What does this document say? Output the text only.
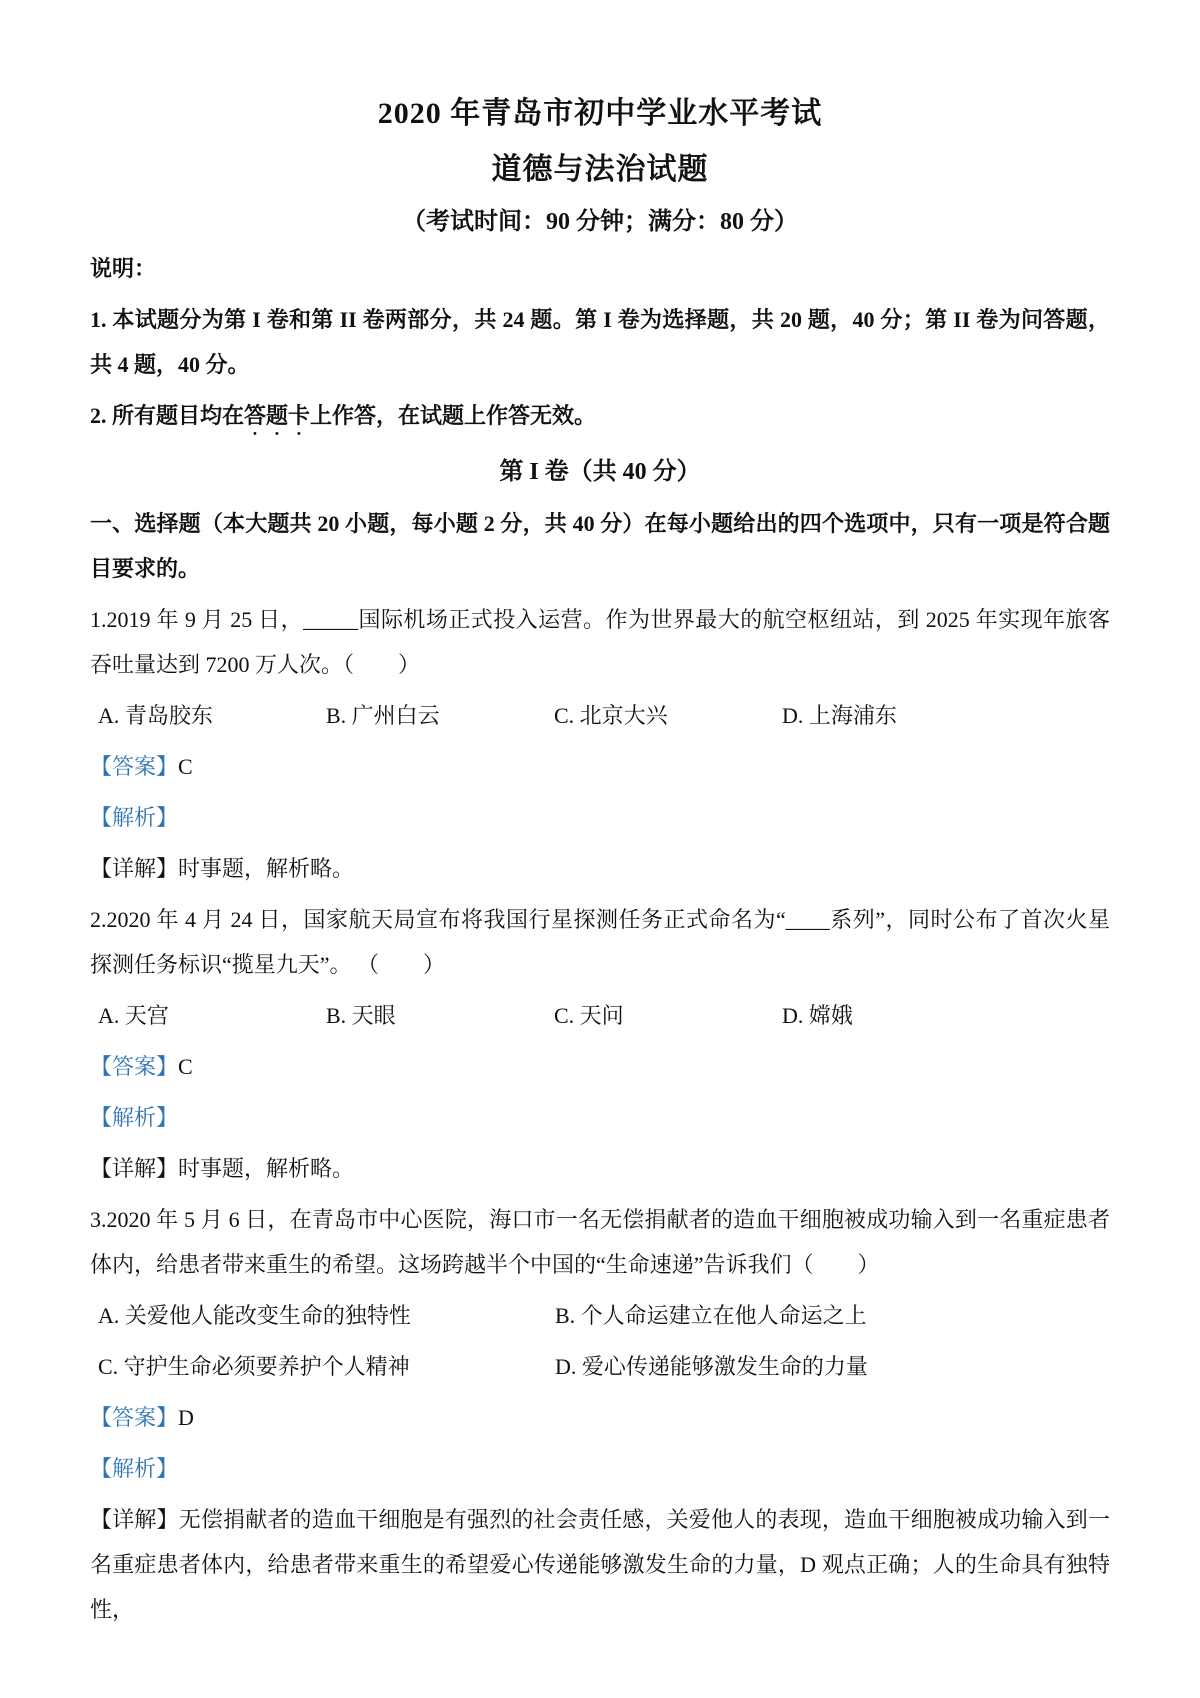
2020 年青岛市初中学业水平考试
道德与法治试题

（考试时间：90 分钟；满分：80 分）

说明：

1. 本试题分为第 I 卷和第 II 卷两部分，共 24 题。第 I 卷为选择题，共 20 题，40 分；第 II 卷为问答题，共 4 题，40 分。

2. 所有题目均在答题卡上作答，在试题上作答无效。

第 I 卷（共 40 分）

一、选择题（本大题共 20 小题，每小题 2 分，共 40 分）在每小题给出的四个选项中，只有一项是符合题目要求的。

1.2019 年 9 月 25 日，_____国际机场正式投入运营。作为世界最大的航空枢纽站，到 2025 年实现年旅客吞吐量达到 7200 万人次。（　　）

A. 青岛胶东	B. 广州白云	C. 北京大兴	D. 上海浦东

【答案】C

【解析】

【详解】时事题，解析略。

2.2020 年 4 月 24 日，国家航天局宣布将我国行星探测任务正式命名为“____系列”，同时公布了首次火星探测任务标识“揽星九天”。 （　　）

A. 天宫	B. 天眼	C. 天问	D. 嫦娥

【答案】C

【解析】

【详解】时事题，解析略。

3.2020 年 5 月 6 日，在青岛市中心医院，海口市一名无偿捐献者的造血干细胞被成功输入到一名重症患者体内，给患者带来重生的希望。这场跨越半个中国的“生命速递”告诉我们（　　）

A. 关爱他人能改变生命的独特性	B. 个人命运建立在他人命运之上

C. 守护生命必须要养护个人精神	D. 爱心传递能够激发生命的力量

【答案】D

【解析】

【详解】无偿捐献者的造血干细胞是有强烈的社会责任感，关爱他人的表现，造血干细胞被成功输入到一名重症患者体内，给患者带来重生的希望爱心传递能够激发生命的力量，D 观点正确；人的生命具有独特性，
